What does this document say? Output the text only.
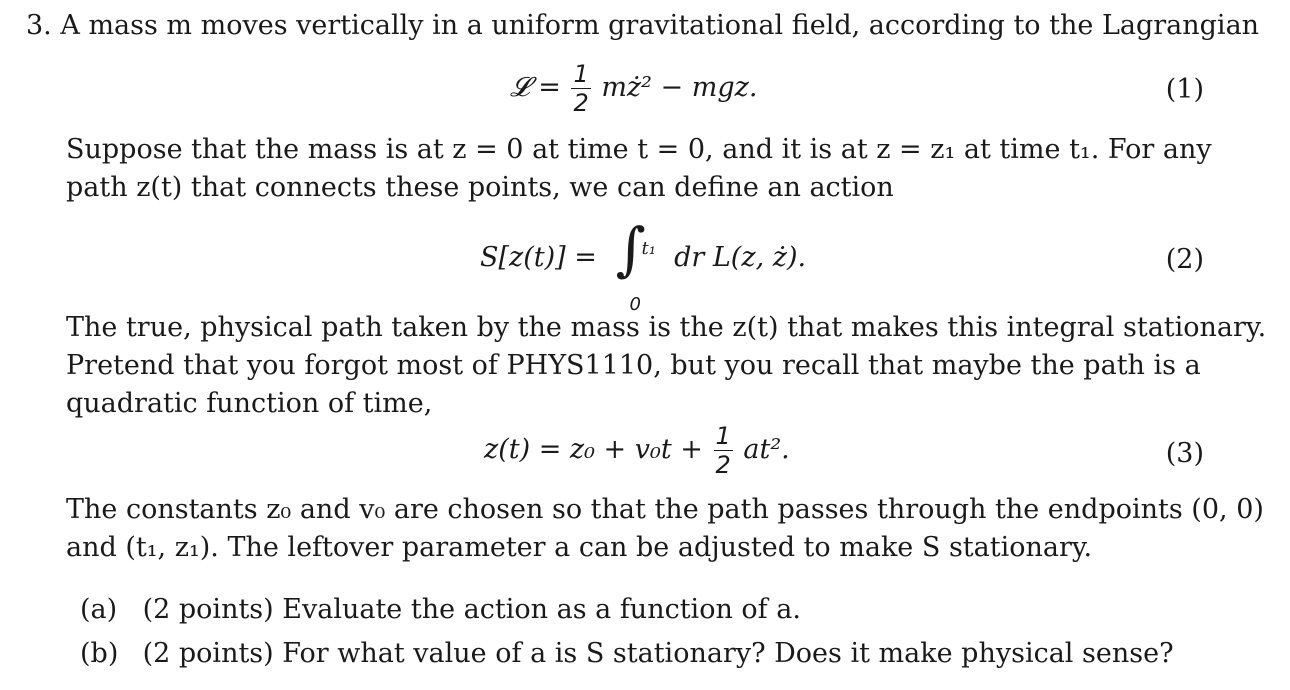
3. A mass m moves vertically in a uniform gravitational field, according to the Lagrangian
𝓛 = $\frac{1}{2}$ mż² − mgz.	(1)
Suppose that the mass is at z = 0 at time t = 0, and it is at z = z₁ at time t₁. For any
path z(t) that connects these points, we can define an action
S[z(t)] = ∫
t₁
0
dr L(z, ż).	(2)
The true, physical path taken by the mass is the z(t) that makes this integral stationary.
Pretend that you forgot most of PHYS1110, but you recall that maybe the path is a
quadratic function of time,
$z(t) = z_0 + v_0t + \frac{1}{2} at^2$.	(3)
The constants z₀ and v₀ are chosen so that the path passes through the endpoints (0, 0)
and (t₁, z₁). The leftover parameter a can be adjusted to make S stationary.
(a) (2 points) Evaluate the action as a function of a.
(b) (2 points) For what value of a is S stationary? Does it make physical sense?
